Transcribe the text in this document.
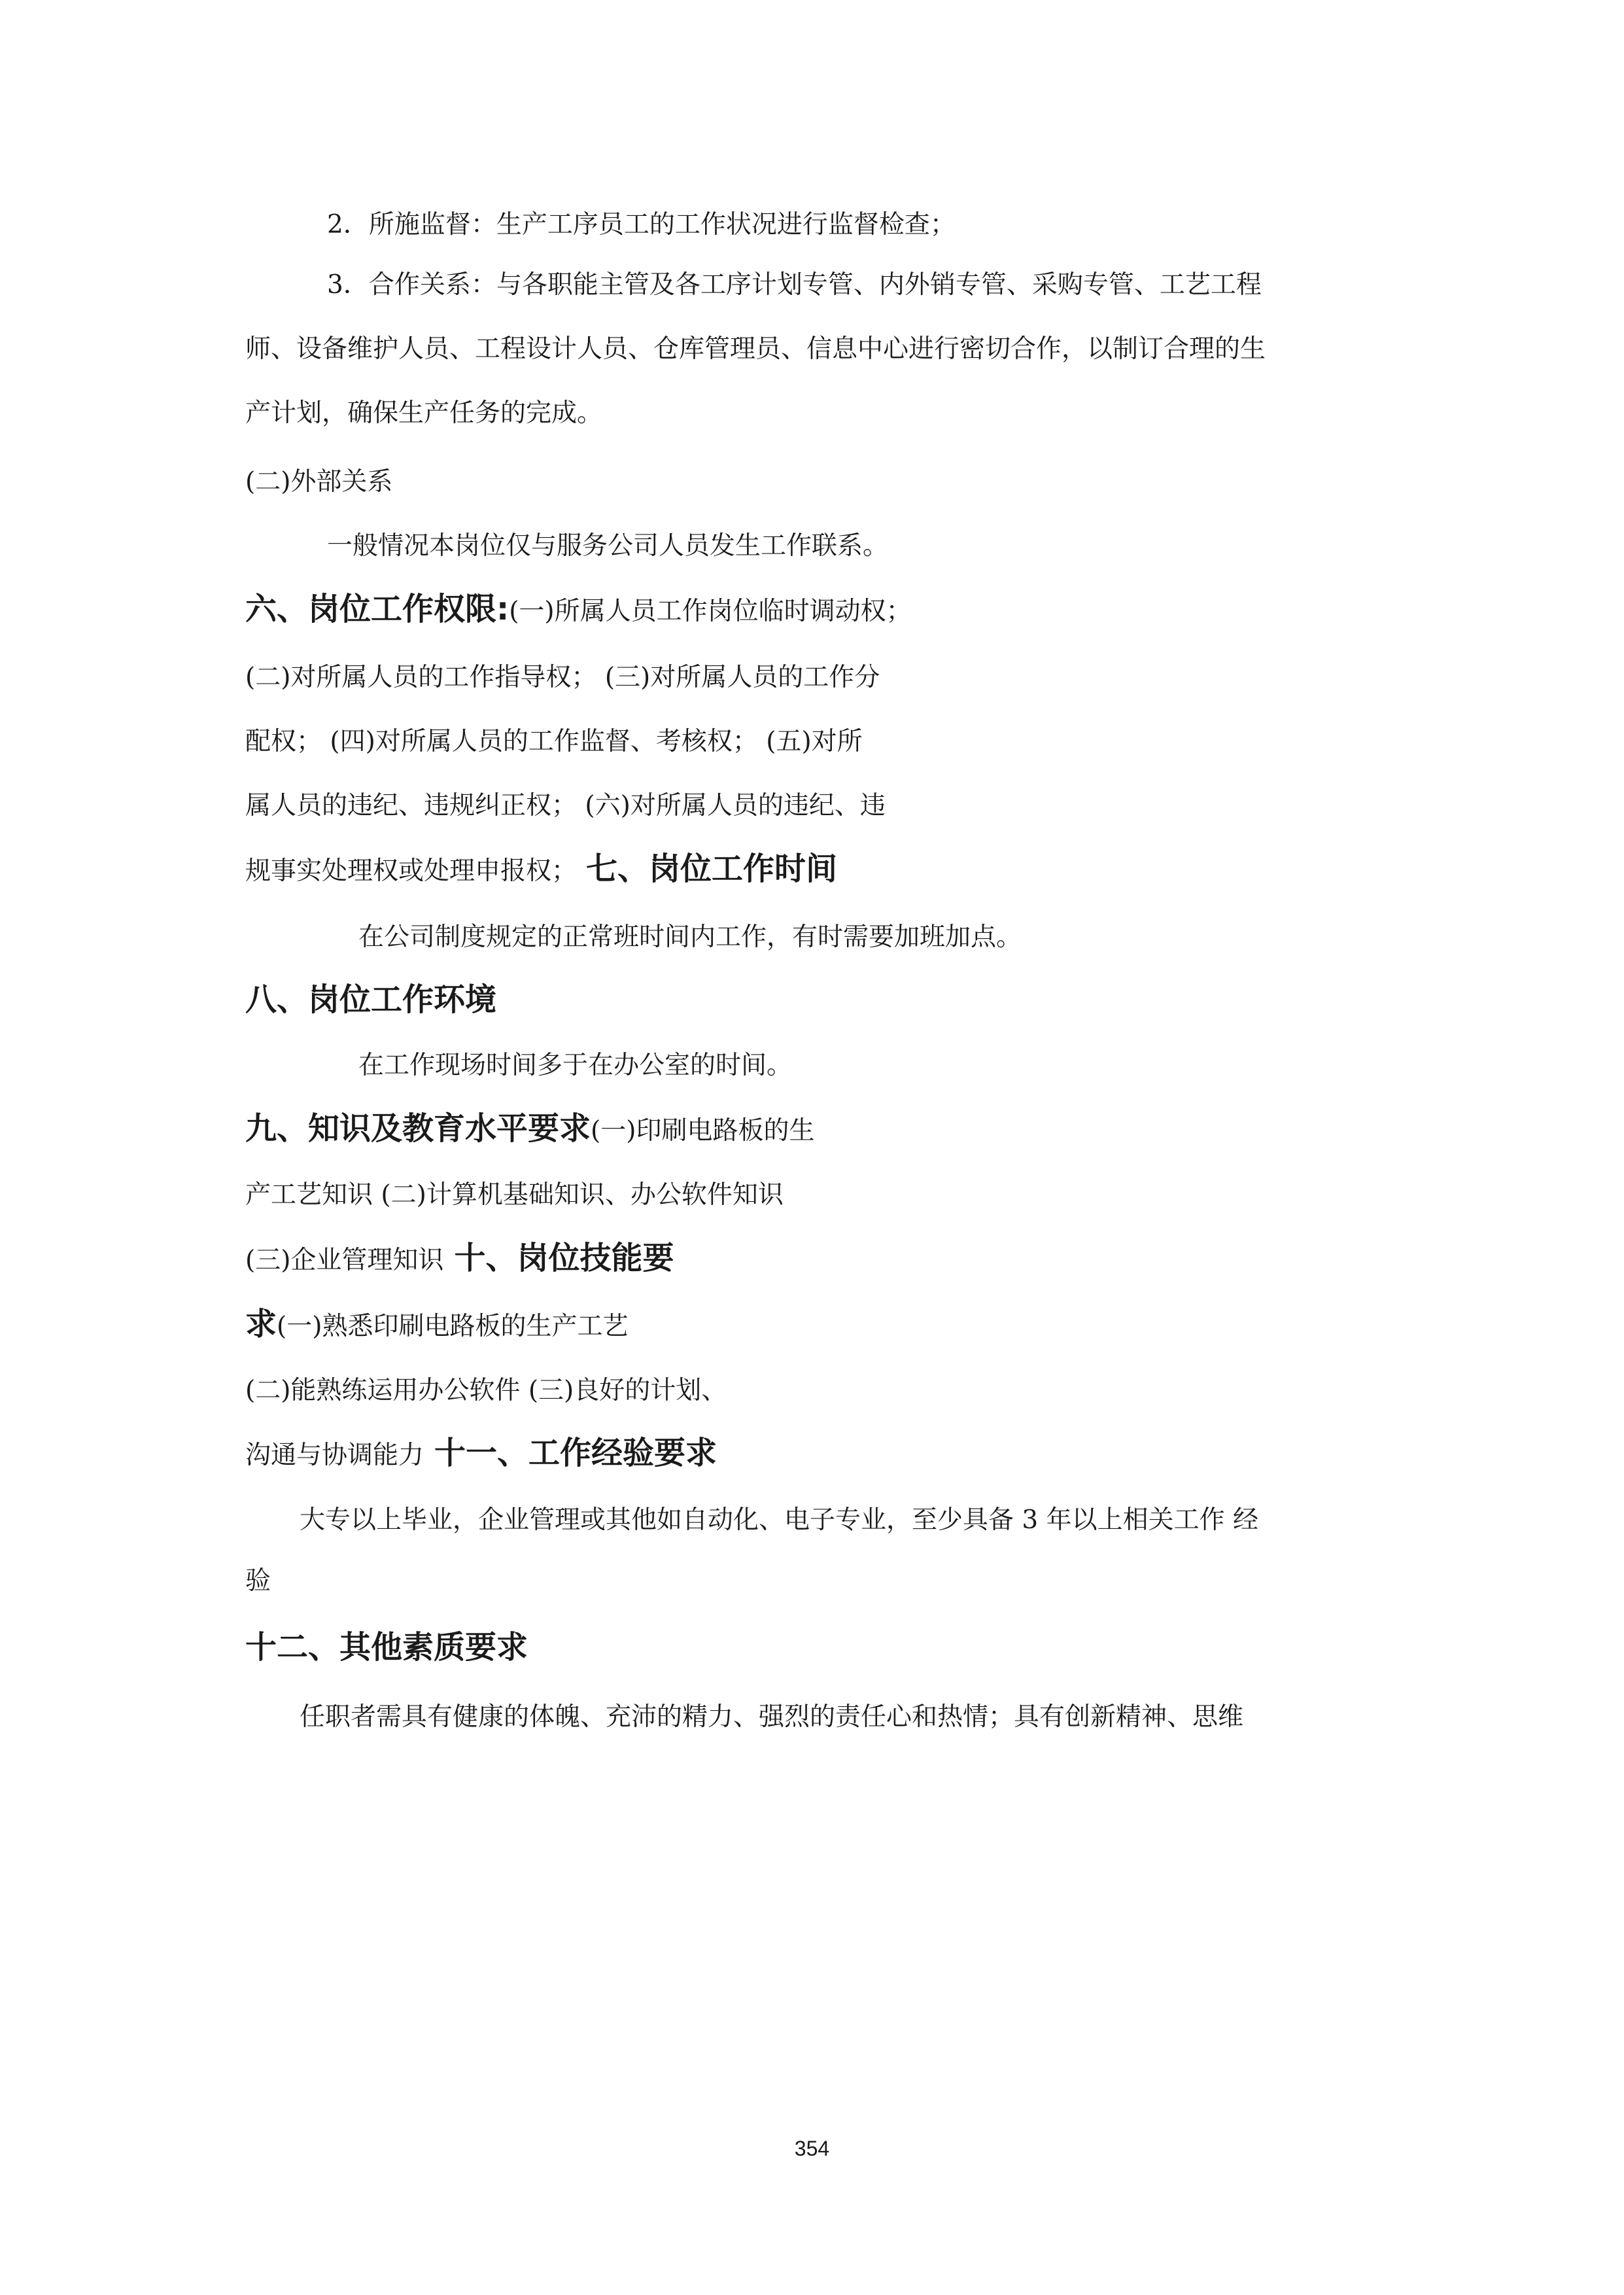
2．所施监督：生产工序员工的工作状况进行监督检查；
3．合作关系：与各职能主管及各工序计划专管、内外销专管、采购专管、工艺工程
师、设备维护人员、工程设计人员、仓库管理员、信息中心进行密切合作，以制订合理的生
产计划，确保生产任务的完成。
(二)外部关系
一般情况本岗位仅与服务公司人员发生工作联系。
六、岗位工作权限:(一)所属人员工作岗位临时调动权；
(二)对所属人员的工作指导权； (三)对所属人员的工作分
配权； (四)对所属人员的工作监督、考核权； (五)对所
属人员的违纪、违规纠正权； (六)对所属人员的违纪、违
规事实处理权或处理申报权； 七、岗位工作时间
在公司制度规定的正常班时间内工作，有时需要加班加点。
八、岗位工作环境
在工作现场时间多于在办公室的时间。
九、知识及教育水平要求(一)印刷电路板的生
产工艺知识 (二)计算机基础知识、办公软件知识
(三)企业管理知识 十、岗位技能要
求(一)熟悉印刷电路板的生产工艺
(二)能熟练运用办公软件 (三)良好的计划、
沟通与协调能力 十一、工作经验要求
大专以上毕业，企业管理或其他如自动化、电子专业，至少具备 3 年以上相关工作 经
验
十二、其他素质要求
任职者需具有健康的体魄、充沛的精力、强烈的责任心和热情；具有创新精神、思维
354
